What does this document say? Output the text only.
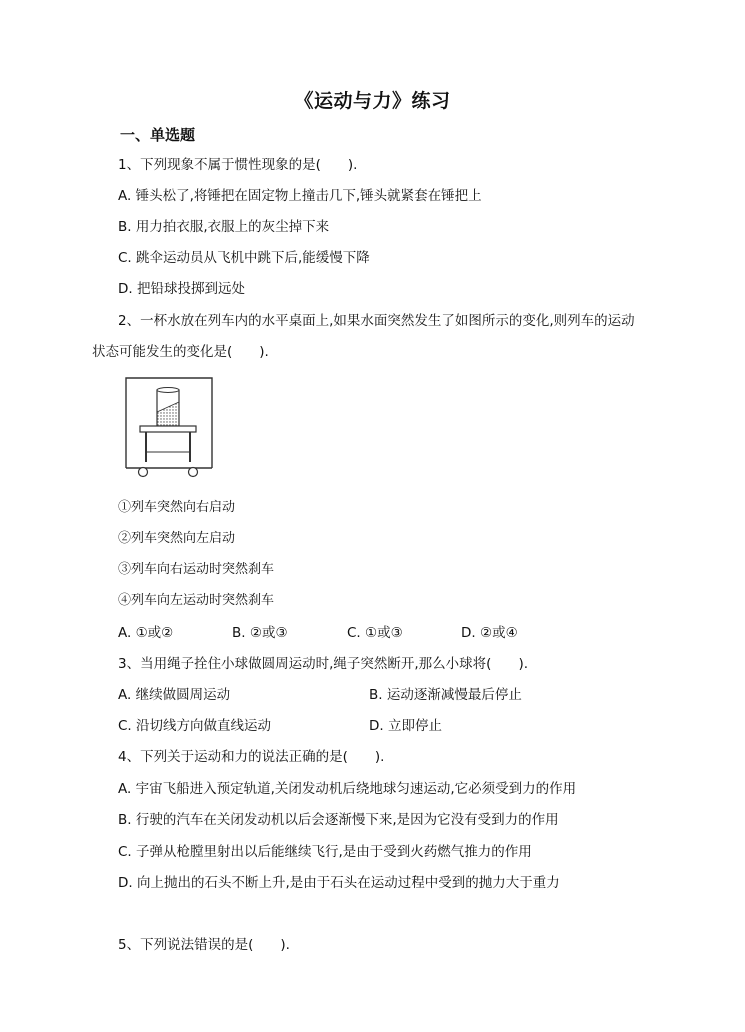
《运动与力》练习
一、单选题
1、下列现象不属于惯性现象的是(　　).
A. 锤头松了,将锤把在固定物上撞击几下,锤头就紧套在锤把上
B. 用力拍衣服,衣服上的灰尘掉下来
C. 跳伞运动员从飞机中跳下后,能缓慢下降
D. 把铅球投掷到远处
2、一杯水放在列车内的水平桌面上,如果水面突然发生了如图所示的变化,则列车的运动
状态可能发生的变化是(　　).
①列车突然向右启动
②列车突然向左启动
③列车向右运动时突然刹车
④列车向左运动时突然刹车
A. ①或②	B. ②或③	C. ①或③	D. ②或④
3、当用绳子拴住小球做圆周运动时,绳子突然断开,那么小球将(　　).
A. 继续做圆周运动	B. 运动逐渐减慢最后停止
C. 沿切线方向做直线运动	D. 立即停止
4、下列关于运动和力的说法正确的是(　　).
A. 宇宙飞船进入预定轨道,关闭发动机后绕地球匀速运动,它必须受到力的作用
B. 行驶的汽车在关闭发动机以后会逐渐慢下来,是因为它没有受到力的作用
C. 子弹从枪膛里射出以后能继续飞行,是由于受到火药燃气推力的作用
D. 向上抛出的石头不断上升,是由于石头在运动过程中受到的抛力大于重力
5、下列说法错误的是(　　).
